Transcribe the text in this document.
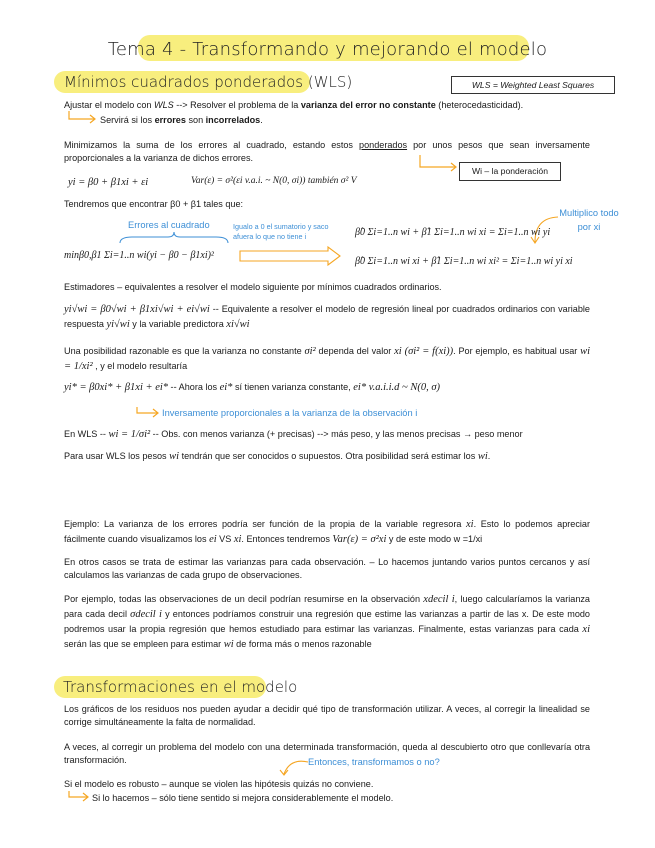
Tema 4 - Transformando y mejorando el modelo
Mínimos cuadrados ponderados (WLS)	WLS = Weighted Least Squares
Ajustar el modelo con WLS --> Resolver el problema de la varianza del error no constante (heterocedasticidad).
Servirá si los errores son incorrelados.
Minimizamos la suma de los errores al cuadrado, estando estos ponderados por unos pesos que sean inversamente proporcionales a la varianza de dichos errores.
Wi – la ponderación
yi = β0 + β1xi + εi	Var(ε) = σ²(εi v.a.i. ~ N(0, σi)) también σ² V
Tendremos que encontrar β0 + β1 tales que:
Errores al cuadrado	Igualo a 0 el sumatorio y saco afuera lo que no tiene i
Multiplico todo por xi
minβ0,β1 Σi=1..n wi(yi − β0 − β1xi)²
β̂0 Σi=1..n wi + β̂1 Σi=1..n wi xi = Σi=1..n wi yi
β̂0 Σi=1..n wi xi + β̂1 Σi=1..n wi xi² = Σi=1..n wi yi xi
Estimadores – equivalentes a resolver el modelo siguiente por mínimos cuadrados ordinarios.
yi√wi = β0√wi + β1xi√wi + ei√wi -- Equivalente a resolver el modelo de regresión lineal por cuadrados ordinarios con variable respuesta yi√wi y la variable predictora xi√wi
Una posibilidad razonable es que la varianza no constante σi² dependa del valor xi (σi² = f(xi)). Por ejemplo, es habitual usar wi = 1/xi² , y el modelo resultaría
yi* = β0xi* + β1xi + ei* -- Ahora los ei* sí tienen varianza constante, ei* v.a.i.i.d ~ N(0, σ)
Inversamente proporcionales a la varianza de la observación i
En WLS -- wi = 1/σi² -- Obs. con menos varianza (+ precisas) --> más peso, y las menos precisas → peso menor
Para usar WLS los pesos wi tendrán que ser conocidos o supuestos. Otra posibilidad será estimar los wi.
Ejemplo: La varianza de los errores podría ser función de la propia de la variable regresora xi. Esto lo podemos apreciar fácilmente cuando visualizamos los ei VS xi. Entonces tendremos Var(ε) = σ²xi y de este modo w =1/xi
En otros casos se trata de estimar las varianzas para cada observación. – Lo hacemos juntando varios puntos cercanos y así calculamos las varianzas de cada grupo de observaciones.
Por ejemplo, todas las observaciones de un decil podrían resumirse en la observación xdecil i, luego calcularíamos la varianza para cada decil σdecil i y entonces podríamos construir una regresión que estime las varianzas a partir de las x. De este modo podremos usar la propia regresión que hemos estudiado para estimar las varianzas. Finalmente, estas varianzas para cada xi serán las que se empleen para estimar wi de forma más o menos razonable
Transformaciones en el modelo
Los gráficos de los residuos nos pueden ayudar a decidir qué tipo de transformación utilizar. A veces, al corregir la linealidad se corrige simultáneamente la falta de normalidad.
A veces, al corregir un problema del modelo con una determinada transformación, queda al descubierto otro que conllevaría otra transformación.	Entonces, transformamos o no?
Si el modelo es robusto – aunque se violen las hipótesis quizás no conviene.
Si lo hacemos – sólo tiene sentido si mejora considerablemente el modelo.
